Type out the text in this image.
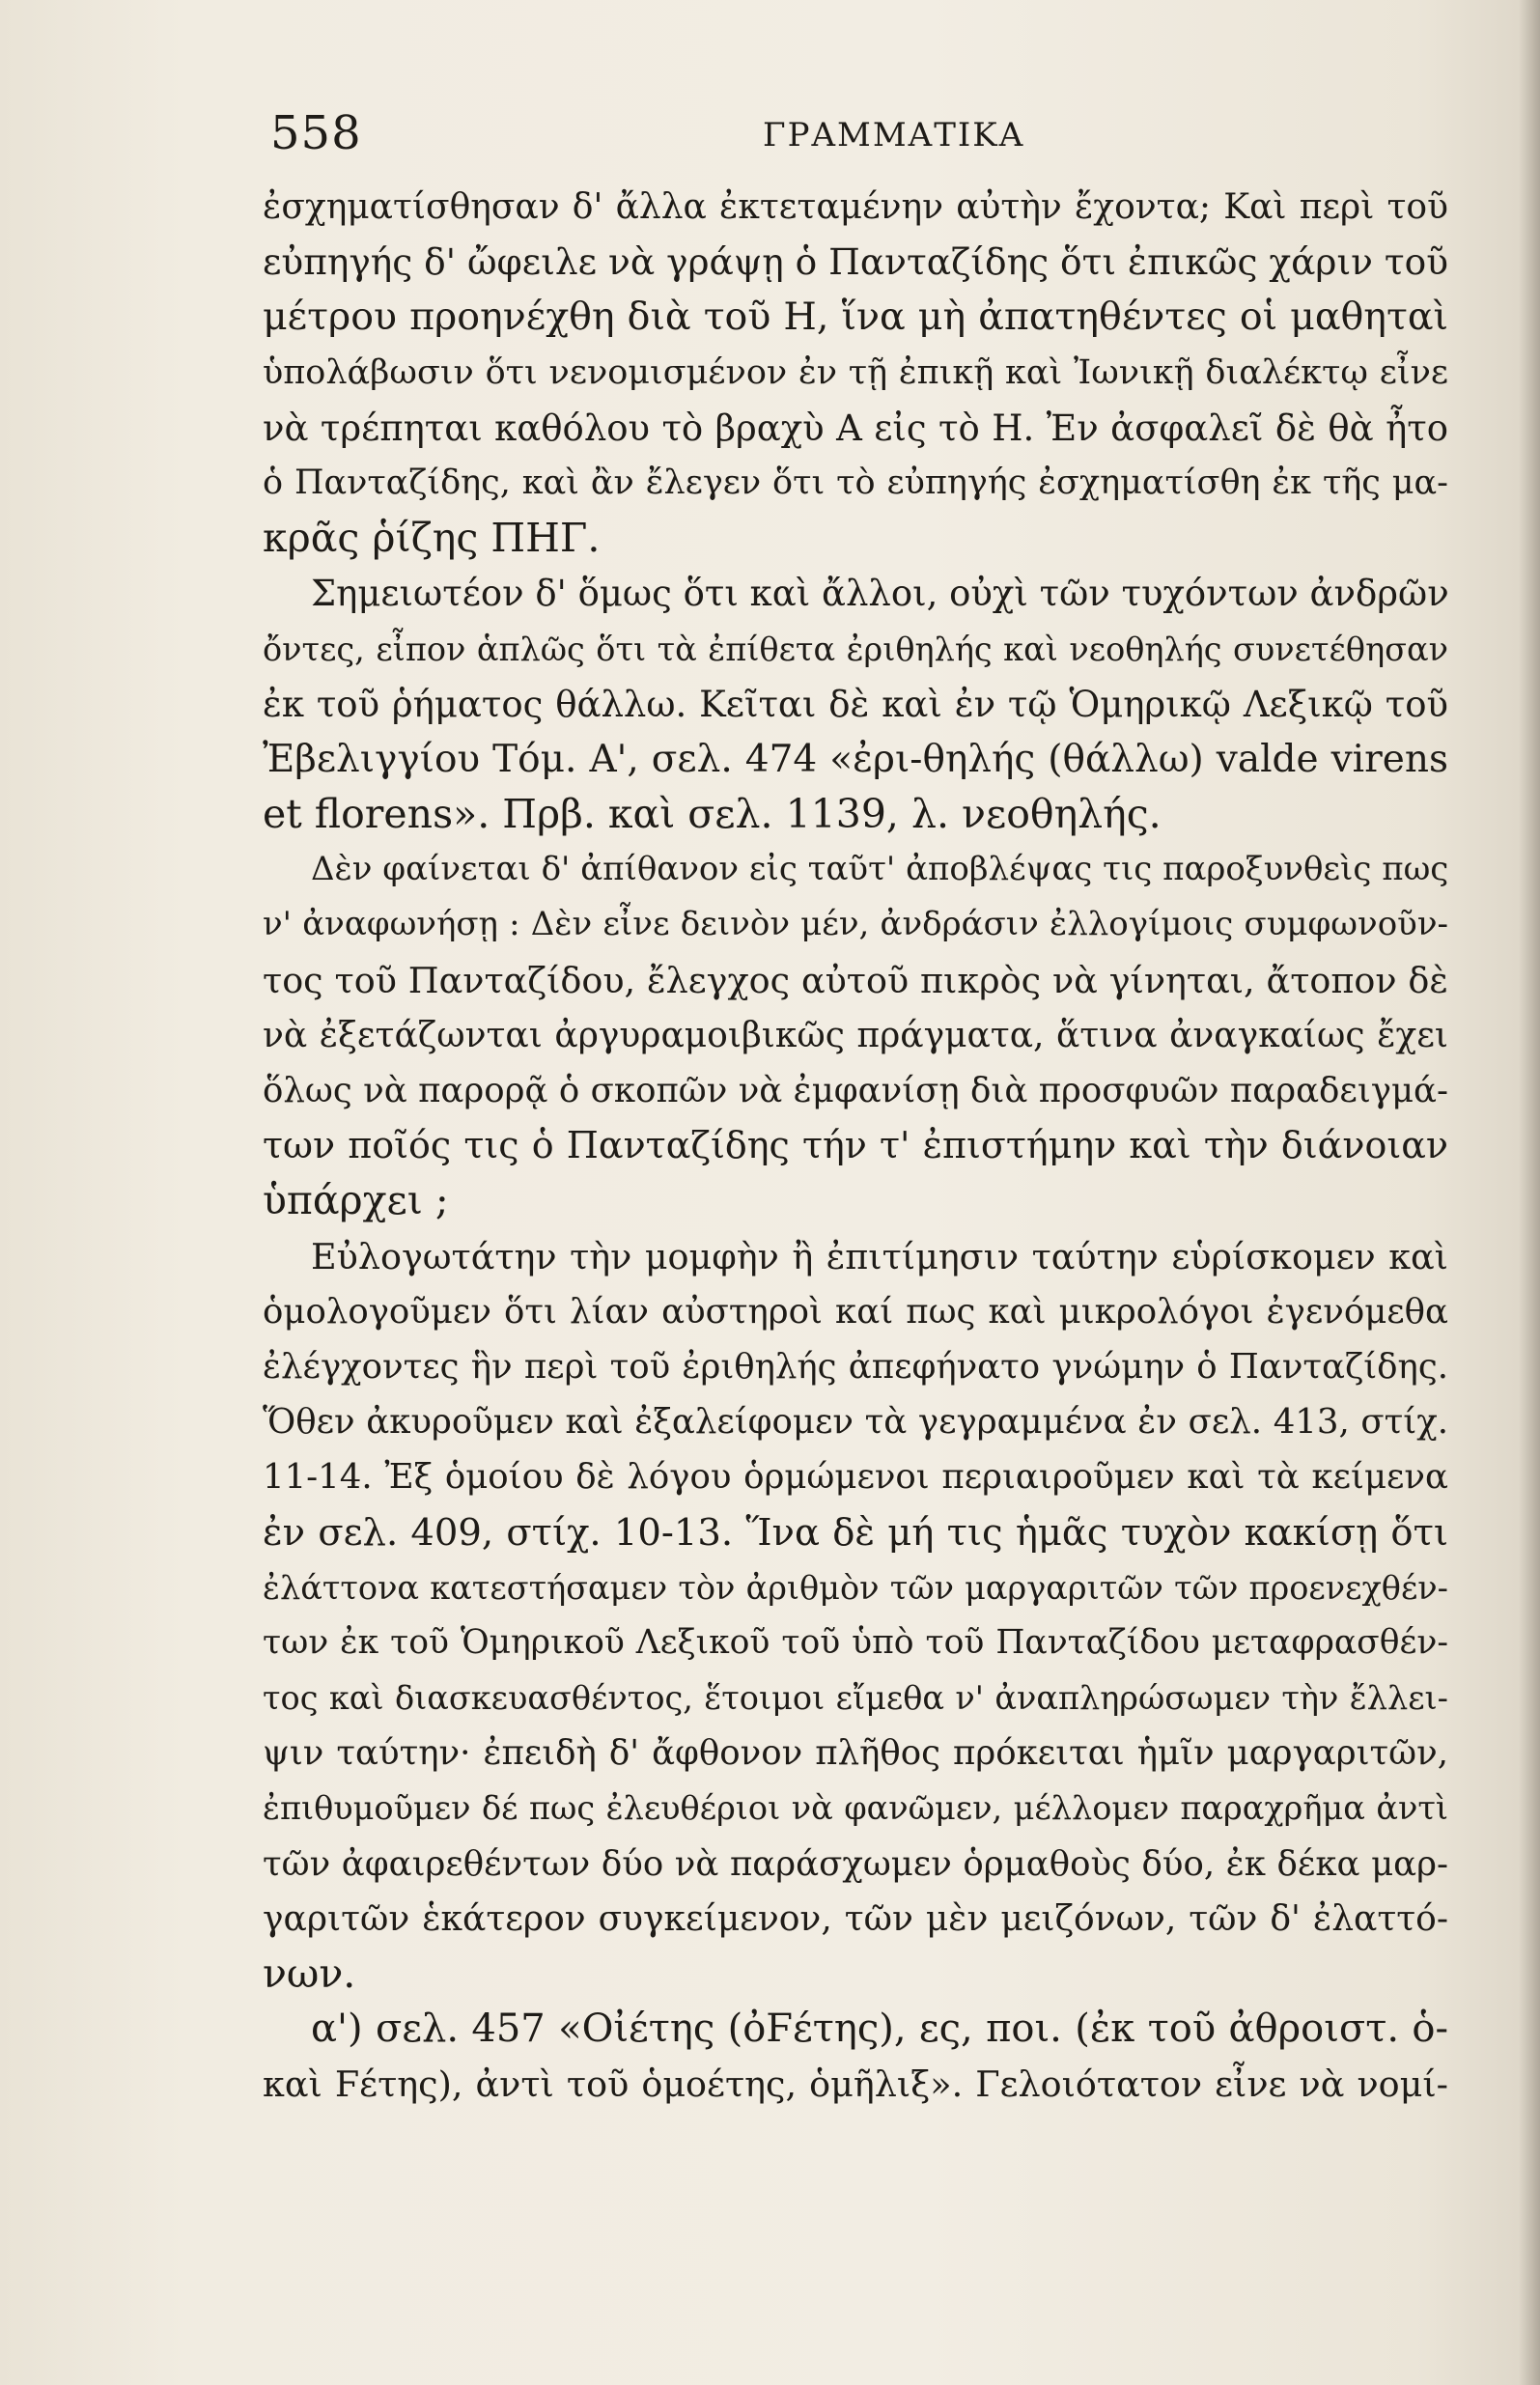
558	ΓΡΑΜΜΑΤΙΚΑ
ἐσχηματίσθησαν δ' ἄλλα ἐκτεταμένην αὐτὴν ἔχοντα; Καὶ περὶ τοῦ
εὐπηγής δ' ὤφειλε νὰ γράψῃ ὁ Πανταζίδης ὅτι ἐπικῶς χάριν τοῦ
μέτρου προηνέχθη διὰ τοῦ Η, ἵνα μὴ ἀπατηθέντες οἱ μαθηταὶ
ὑπολάβωσιν ὅτι νενομισμένον ἐν τῇ ἐπικῇ καὶ Ἰωνικῇ διαλέκτῳ εἶνε
νὰ τρέπηται καθόλου τὸ βραχὺ Α εἰς τὸ Η. Ἐν ἀσφαλεῖ δὲ θὰ ἦτο
ὁ Πανταζίδης, καὶ ἂν ἔλεγεν ὅτι τὸ εὐπηγής ἐσχηματίσθη ἐκ τῆς μα-
κρᾶς ῥίζης ΠΗΓ.
Σημειωτέον δ' ὅμως ὅτι καὶ ἄλλοι, οὐχὶ τῶν τυχόντων ἀνδρῶν
ὄντες, εἶπον ἁπλῶς ὅτι τὰ ἐπίθετα ἐριθηλής καὶ νεοθηλής συνετέθησαν
ἐκ τοῦ ῥήματος θάλλω. Κεῖται δὲ καὶ ἐν τῷ Ὁμηρικῷ Λεξικῷ τοῦ
Ἐβελιγγίου Τόμ. Α', σελ. 474 «ἐρι-θηλής (θάλλω) valde virens
et florens». Πρβ. καὶ σελ. 1139, λ. νεοθηλής.
Δὲν φαίνεται δ' ἀπίθανον εἰς ταῦτ' ἀποβλέψας τις παροξυνθεὶς πως
ν' ἀναφωνήσῃ : Δὲν εἶνε δεινὸν μέν, ἀνδράσιν ἐλλογίμοις συμφωνοῦν-
τος τοῦ Πανταζίδου, ἔλεγχος αὐτοῦ πικρὸς νὰ γίνηται, ἄτοπον δὲ
νὰ ἐξετάζωνται ἀργυραμοιβικῶς πράγματα, ἅτινα ἀναγκαίως ἔχει
ὅλως νὰ παρορᾷ ὁ σκοπῶν νὰ ἐμφανίσῃ διὰ προσφυῶν παραδειγμά-
των ποῖός τις ὁ Πανταζίδης τήν τ' ἐπιστήμην καὶ τὴν διάνοιαν
ὑπάρχει ;
Εὐλογωτάτην τὴν μομφὴν ἢ ἐπιτίμησιν ταύτην εὑρίσκομεν καὶ
ὁμολογοῦμεν ὅτι λίαν αὐστηροὶ καί πως καὶ μικρολόγοι ἐγενόμεθα
ἐλέγχοντες ἣν περὶ τοῦ ἐριθηλής ἀπεφήνατο γνώμην ὁ Πανταζίδης.
Ὅθεν ἀκυροῦμεν καὶ ἐξαλείφομεν τὰ γεγραμμένα ἐν σελ. 413, στίχ.
11-14. Ἐξ ὁμοίου δὲ λόγου ὁρμώμενοι περιαιροῦμεν καὶ τὰ κείμενα
ἐν σελ. 409, στίχ. 10-13. Ἵνα δὲ μή τις ἡμᾶς τυχὸν κακίσῃ ὅτι
ἐλάττονα κατεστήσαμεν τὸν ἀριθμὸν τῶν μαργαριτῶν τῶν προενεχθέν-
των ἐκ τοῦ Ὁμηρικοῦ Λεξικοῦ τοῦ ὑπὸ τοῦ Πανταζίδου μεταφρασθέν-
τος καὶ διασκευασθέντος, ἕτοιμοι εἴμεθα ν' ἀναπληρώσωμεν τὴν ἔλλει-
ψιν ταύτην· ἐπειδὴ δ' ἄφθονον πλῆθος πρόκειται ἡμῖν μαργαριτῶν,
ἐπιθυμοῦμεν δέ πως ἐλευθέριοι νὰ φανῶμεν, μέλλομεν παραχρῆμα ἀντὶ
τῶν ἀφαιρεθέντων δύο νὰ παράσχωμεν ὁρμαθοὺς δύο, ἐκ δέκα μαρ-
γαριτῶν ἑκάτερον συγκείμενον, τῶν μὲν μειζόνων, τῶν δ' ἐλαττό-
νων.
α') σελ. 457 «Οἰέτης (ὀϜέτης), ες, ποι. (ἐκ τοῦ ἀθροιστ. ὁ-
καὶ Ϝέτης), ἀντὶ τοῦ ὁμοέτης, ὁμῆλιξ». Γελοιότατον εἶνε νὰ νομί-
